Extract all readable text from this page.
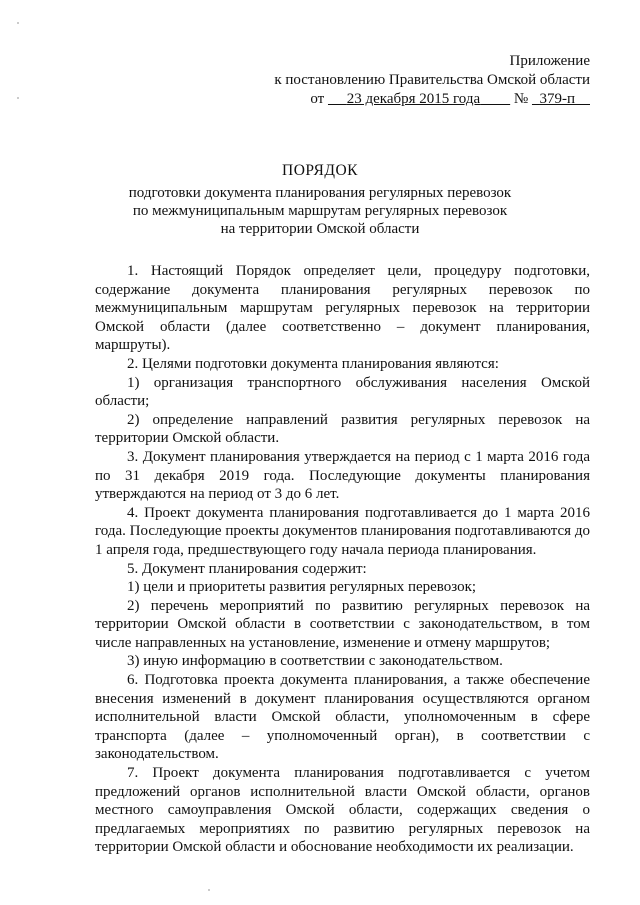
Приложение
к постановлению Правительства Омской области
от 23 декабря 2015 года № 379-п
ПОРЯДОК
подготовки документа планирования регулярных перевозок
по межмуниципальным маршрутам регулярных перевозок
на территории Омской области

1. Настоящий Порядок определяет цели, процедуру подготовки, содержание документа планирования регулярных перевозок по межмуниципальным маршрутам регулярных перевозок на территории Омской области (далее соответственно – документ планирования, маршруты).

2. Целями подготовки документа планирования являются:

1) организация транспортного обслуживания населения Омской области;

2) определение направлений развития регулярных перевозок на территории Омской области.

3. Документ планирования утверждается на период с 1 марта 2016 года по 31 декабря 2019 года. Последующие документы планирования утверждаются на период от 3 до 6 лет.

4. Проект документа планирования подготавливается до 1 марта 2016 года. Последующие проекты документов планирования подготавливаются до 1 апреля года, предшествующего году начала периода планирования.

5. Документ планирования содержит:

1) цели и приоритеты развития регулярных перевозок;

2) перечень мероприятий по развитию регулярных перевозок на территории Омской области в соответствии с законодательством, в том числе направленных на установление, изменение и отмену маршрутов;

3) иную информацию в соответствии с законодательством.

6. Подготовка проекта документа планирования, а также обеспечение внесения изменений в документ планирования осуществляются органом исполнительной власти Омской области, уполномоченным в сфере транспорта (далее – уполномоченный орган), в соответствии с законодательством.

7. Проект документа планирования подготавливается с учетом предложений органов исполнительной власти Омской области, органов местного самоуправления Омской области, содержащих сведения о предлагаемых мероприятиях по развитию регулярных перевозок на территории Омской области и обоснование необходимости их реализации.
